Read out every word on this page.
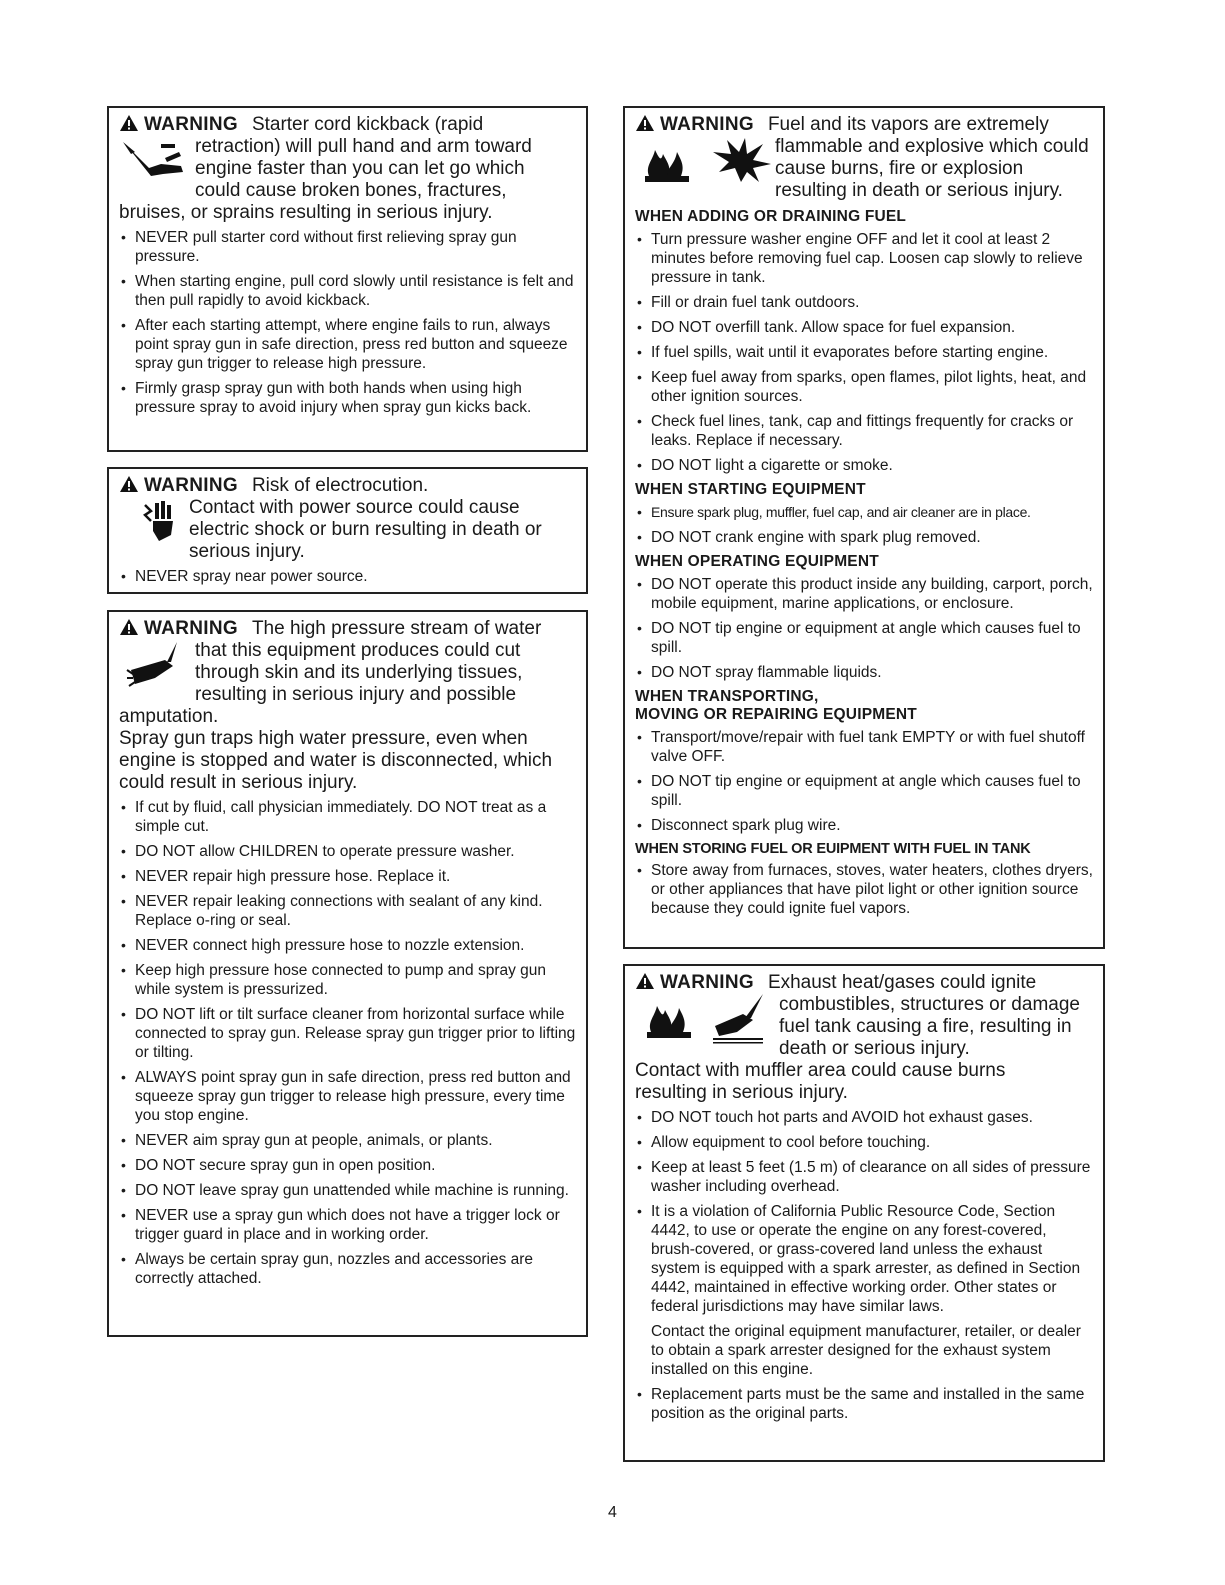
WARNING Starter cord kickback (rapid
retraction) will pull hand and arm toward
engine faster than you can let go which
could cause broken bones, fractures,
bruises, or sprains resulting in serious injury.
• NEVER pull starter cord without first relieving spray gun pressure.
• When starting engine, pull cord slowly until resistance is felt and then pull rapidly to avoid kickback.
• After each starting attempt, where engine fails to run, always point spray gun in safe direction, press red button and squeeze spray gun trigger to release high pressure.
• Firmly grasp spray gun with both hands when using high pressure spray to avoid injury when spray gun kicks back.
WARNING Risk of electrocution.
Contact with power source could cause
electric shock or burn resulting in death or
serious injury.
• NEVER spray near power source.
WARNING The high pressure stream of water
that this equipment produces could cut
through skin and its underlying tissues,
resulting in serious injury and possible
amputation.
Spray gun traps high water pressure, even when
engine is stopped and water is disconnected, which
could result in serious injury.
• If cut by fluid, call physician immediately. DO NOT treat as a simple cut.
• DO NOT allow CHILDREN to operate pressure washer.
• NEVER repair high pressure hose. Replace it.
• NEVER repair leaking connections with sealant of any kind. Replace o-ring or seal.
• NEVER connect high pressure hose to nozzle extension.
• Keep high pressure hose connected to pump and spray gun while system is pressurized.
• DO NOT lift or tilt surface cleaner from horizontal surface while connected to spray gun. Release spray gun trigger prior to lifting or tilting.
• ALWAYS point spray gun in safe direction, press red button and squeeze spray gun trigger to release high pressure, every time you stop engine.
• NEVER aim spray gun at people, animals, or plants.
• DO NOT secure spray gun in open position.
• DO NOT leave spray gun unattended while machine is running.
• NEVER use a spray gun which does not have a trigger lock or trigger guard in place and in working order.
• Always be certain spray gun, nozzles and accessories are correctly attached.
WARNING Fuel and its vapors are extremely
flammable and explosive which could
cause burns, fire or explosion
resulting in death or serious injury.
WHEN ADDING OR DRAINING FUEL
• Turn pressure washer engine OFF and let it cool at least 2 minutes before removing fuel cap. Loosen cap slowly to relieve pressure in tank.
• Fill or drain fuel tank outdoors.
• DO NOT overfill tank. Allow space for fuel expansion.
• If fuel spills, wait until it evaporates before starting engine.
• Keep fuel away from sparks, open flames, pilot lights, heat, and other ignition sources.
• Check fuel lines, tank, cap and fittings frequently for cracks or leaks. Replace if necessary.
• DO NOT light a cigarette or smoke.
WHEN STARTING EQUIPMENT
• Ensure spark plug, muffler, fuel cap, and air cleaner are in place.
• DO NOT crank engine with spark plug removed.
WHEN OPERATING EQUIPMENT
• DO NOT operate this product inside any building, carport, porch, mobile equipment, marine applications, or enclosure.
• DO NOT tip engine or equipment at angle which causes fuel to spill.
• DO NOT spray flammable liquids.
WHEN TRANSPORTING,
MOVING OR REPAIRING EQUIPMENT
• Transport/move/repair with fuel tank EMPTY or with fuel shutoff valve OFF.
• DO NOT tip engine or equipment at angle which causes fuel to spill.
• Disconnect spark plug wire.
WHEN STORING FUEL OR EUIPMENT WITH FUEL IN TANK
• Store away from furnaces, stoves, water heaters, clothes dryers, or other appliances that have pilot light or other ignition source because they could ignite fuel vapors.
WARNING Exhaust heat/gases could ignite
combustibles, structures or damage
fuel tank causing a fire, resulting in
death or serious injury.
Contact with muffler area could cause burns
resulting in serious injury.
• DO NOT touch hot parts and AVOID hot exhaust gases.
• Allow equipment to cool before touching.
• Keep at least 5 feet (1.5 m) of clearance on all sides of pressure washer including overhead.
• It is a violation of California Public Resource Code, Section 4442, to use or operate the engine on any forest-covered, brush-covered, or grass-covered land unless the exhaust system is equipped with a spark arrester, as defined in Section 4442, maintained in effective working order. Other states or federal jurisdictions may have similar laws.
Contact the original equipment manufacturer, retailer, or dealer to obtain a spark arrester designed for the exhaust system installed on this engine.
• Replacement parts must be the same and installed in the same position as the original parts.
4
